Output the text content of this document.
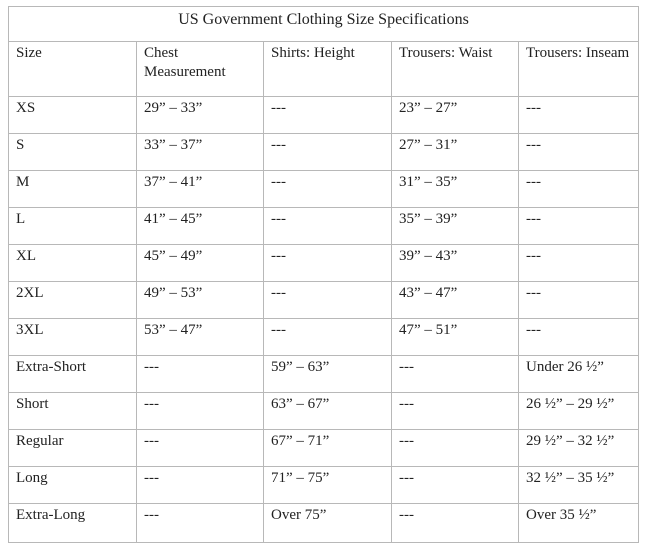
US Government Clothing Size Specifications				
Size	Chest Measurement	Shirts: Height	Trousers: Waist	Trousers: Inseam
XS	29” – 33”	---	23” – 27”	---
S	33” – 37”	---	27” – 31”	---
M	37” – 41”	---	31” – 35”	---
L	41” – 45”	---	35” – 39”	---
XL	45” – 49”	---	39” – 43”	---
2XL	49” – 53”	---	43” – 47”	---
3XL	53” – 47”	---	47” – 51”	---
Extra-Short	---	59” – 63”	---	Under 26 ½”
Short	---	63” – 67”	---	26 ½” – 29 ½”
Regular	---	67” – 71”	---	29 ½” – 32 ½”
Long	---	71” – 75”	---	32 ½” – 35 ½”
Extra-Long	---	Over 75”	---	Over 35 ½”
